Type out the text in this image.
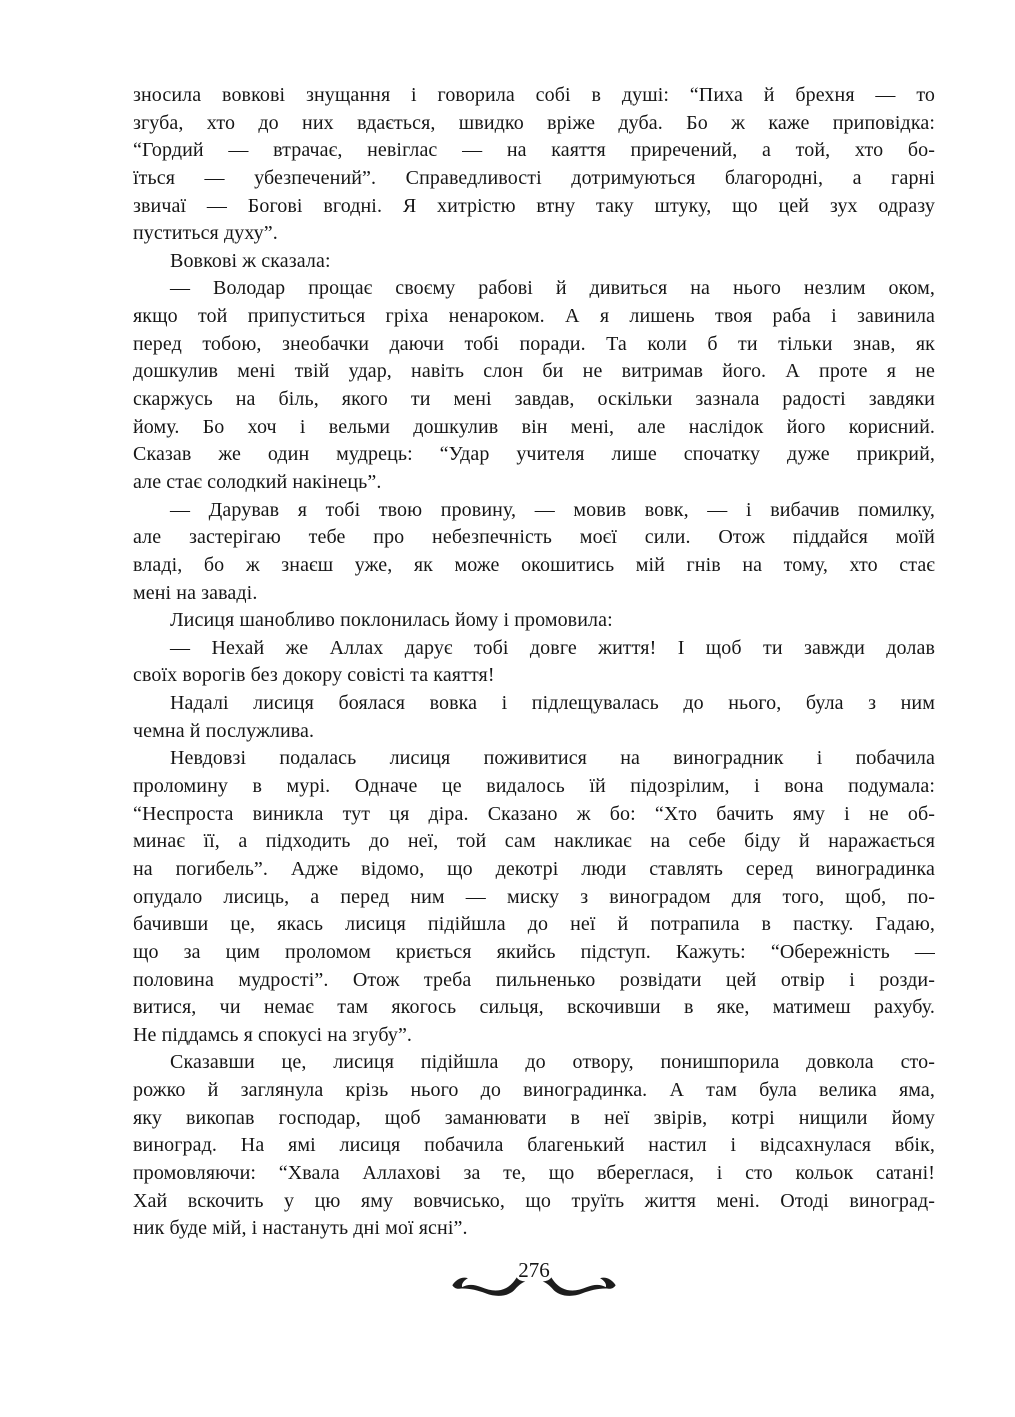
зносила вовкові знущання і говорила собі в душі: “Пиха й брехня — то
згуба, хто до них вдається, швидко вріже дуба. Бо ж каже приповідка:
“Гордий — втрачає, невіглас — на каяття приречений, а той, хто бо-
їться — убезпечений”. Справедливості дотримуються благородні, а гарні
звичаї — Богові вгодні. Я хитрістю втну таку штуку, що цей зух одразу
пуститься духу”.
Вовкові ж сказала:
— Володар прощає своєму рабові й дивиться на нього незлим оком,
якщо той припуститься гріха ненароком. А я лишень твоя раба і завинила
перед тобою, знеобачки даючи тобі поради. Та коли б ти тільки знав, як
дошкулив мені твій удар, навіть слон би не витримав його. А проте я не
скаржусь на біль, якого ти мені завдав, оскільки зазнала радості завдяки
йому. Бо хоч і вельми дошкулив він мені, але наслідок його корисний.
Сказав же один мудрець: “Удар учителя лише спочатку дуже прикрий,
але стає солодкий накінець”.
— Дарував я тобі твою провину, — мовив вовк, — і вибачив помилку,
але застерігаю тебе про небезпечність моєї сили. Отож піддайся моїй
владі, бо ж знаєш уже, як може окошитись мій гнів на тому, хто стає
мені на заваді.
Лисиця шанобливо поклонилась йому і промовила:
— Нехай же Аллах дарує тобі довге життя! І щоб ти завжди долав
своїх ворогів без докору совісті та каяття!
Надалі лисиця боялася вовка і підлещувалась до нього, була з ним
чемна й послужлива.
Невдовзі подалась лисиця поживитися на виноградник і побачила
проломину в мурі. Одначе це видалось їй підозрілим, і вона подумала:
“Неспроста виникла тут ця діра. Сказано ж бо: “Хто бачить яму і не об-
минає її, а підходить до неї, той сам накликає на себе біду й наражається
на погибель”. Адже відомо, що декотрі люди ставлять серед виноградинка
опудало лисиць, а перед ним — миску з виноградом для того, щоб, по-
бачивши це, якась лисиця підійшла до неї й потрапила в пастку. Гадаю,
що за цим проломом криється якийсь підступ. Кажуть: “Обережність —
половина мудрості”. Отож треба пильненько розвідати цей отвір і розди-
витися, чи немає там якогось сильця, вскочивши в яке, матимеш рахубу.
Не піддамсь я спокусі на згубу”.
Сказавши це, лисиця підійшла до отвору, понишпорила довкола сто-
рожко й заглянула крізь нього до виноградинка. А там була велика яма,
яку викопав господар, щоб заманювати в неї звірів, котрі нищили йому
виноград. На ямі лисиця побачила благенький настил і відсахнулася вбік,
промовляючи: “Хвала Аллахові за те, що вбереглася, і сто кольок сатані!
Хай вскочить у цю яму вовчисько, що труїть життя мені. Отоді виноград-
ник буде мій, і настануть дні мої ясні”.
276
